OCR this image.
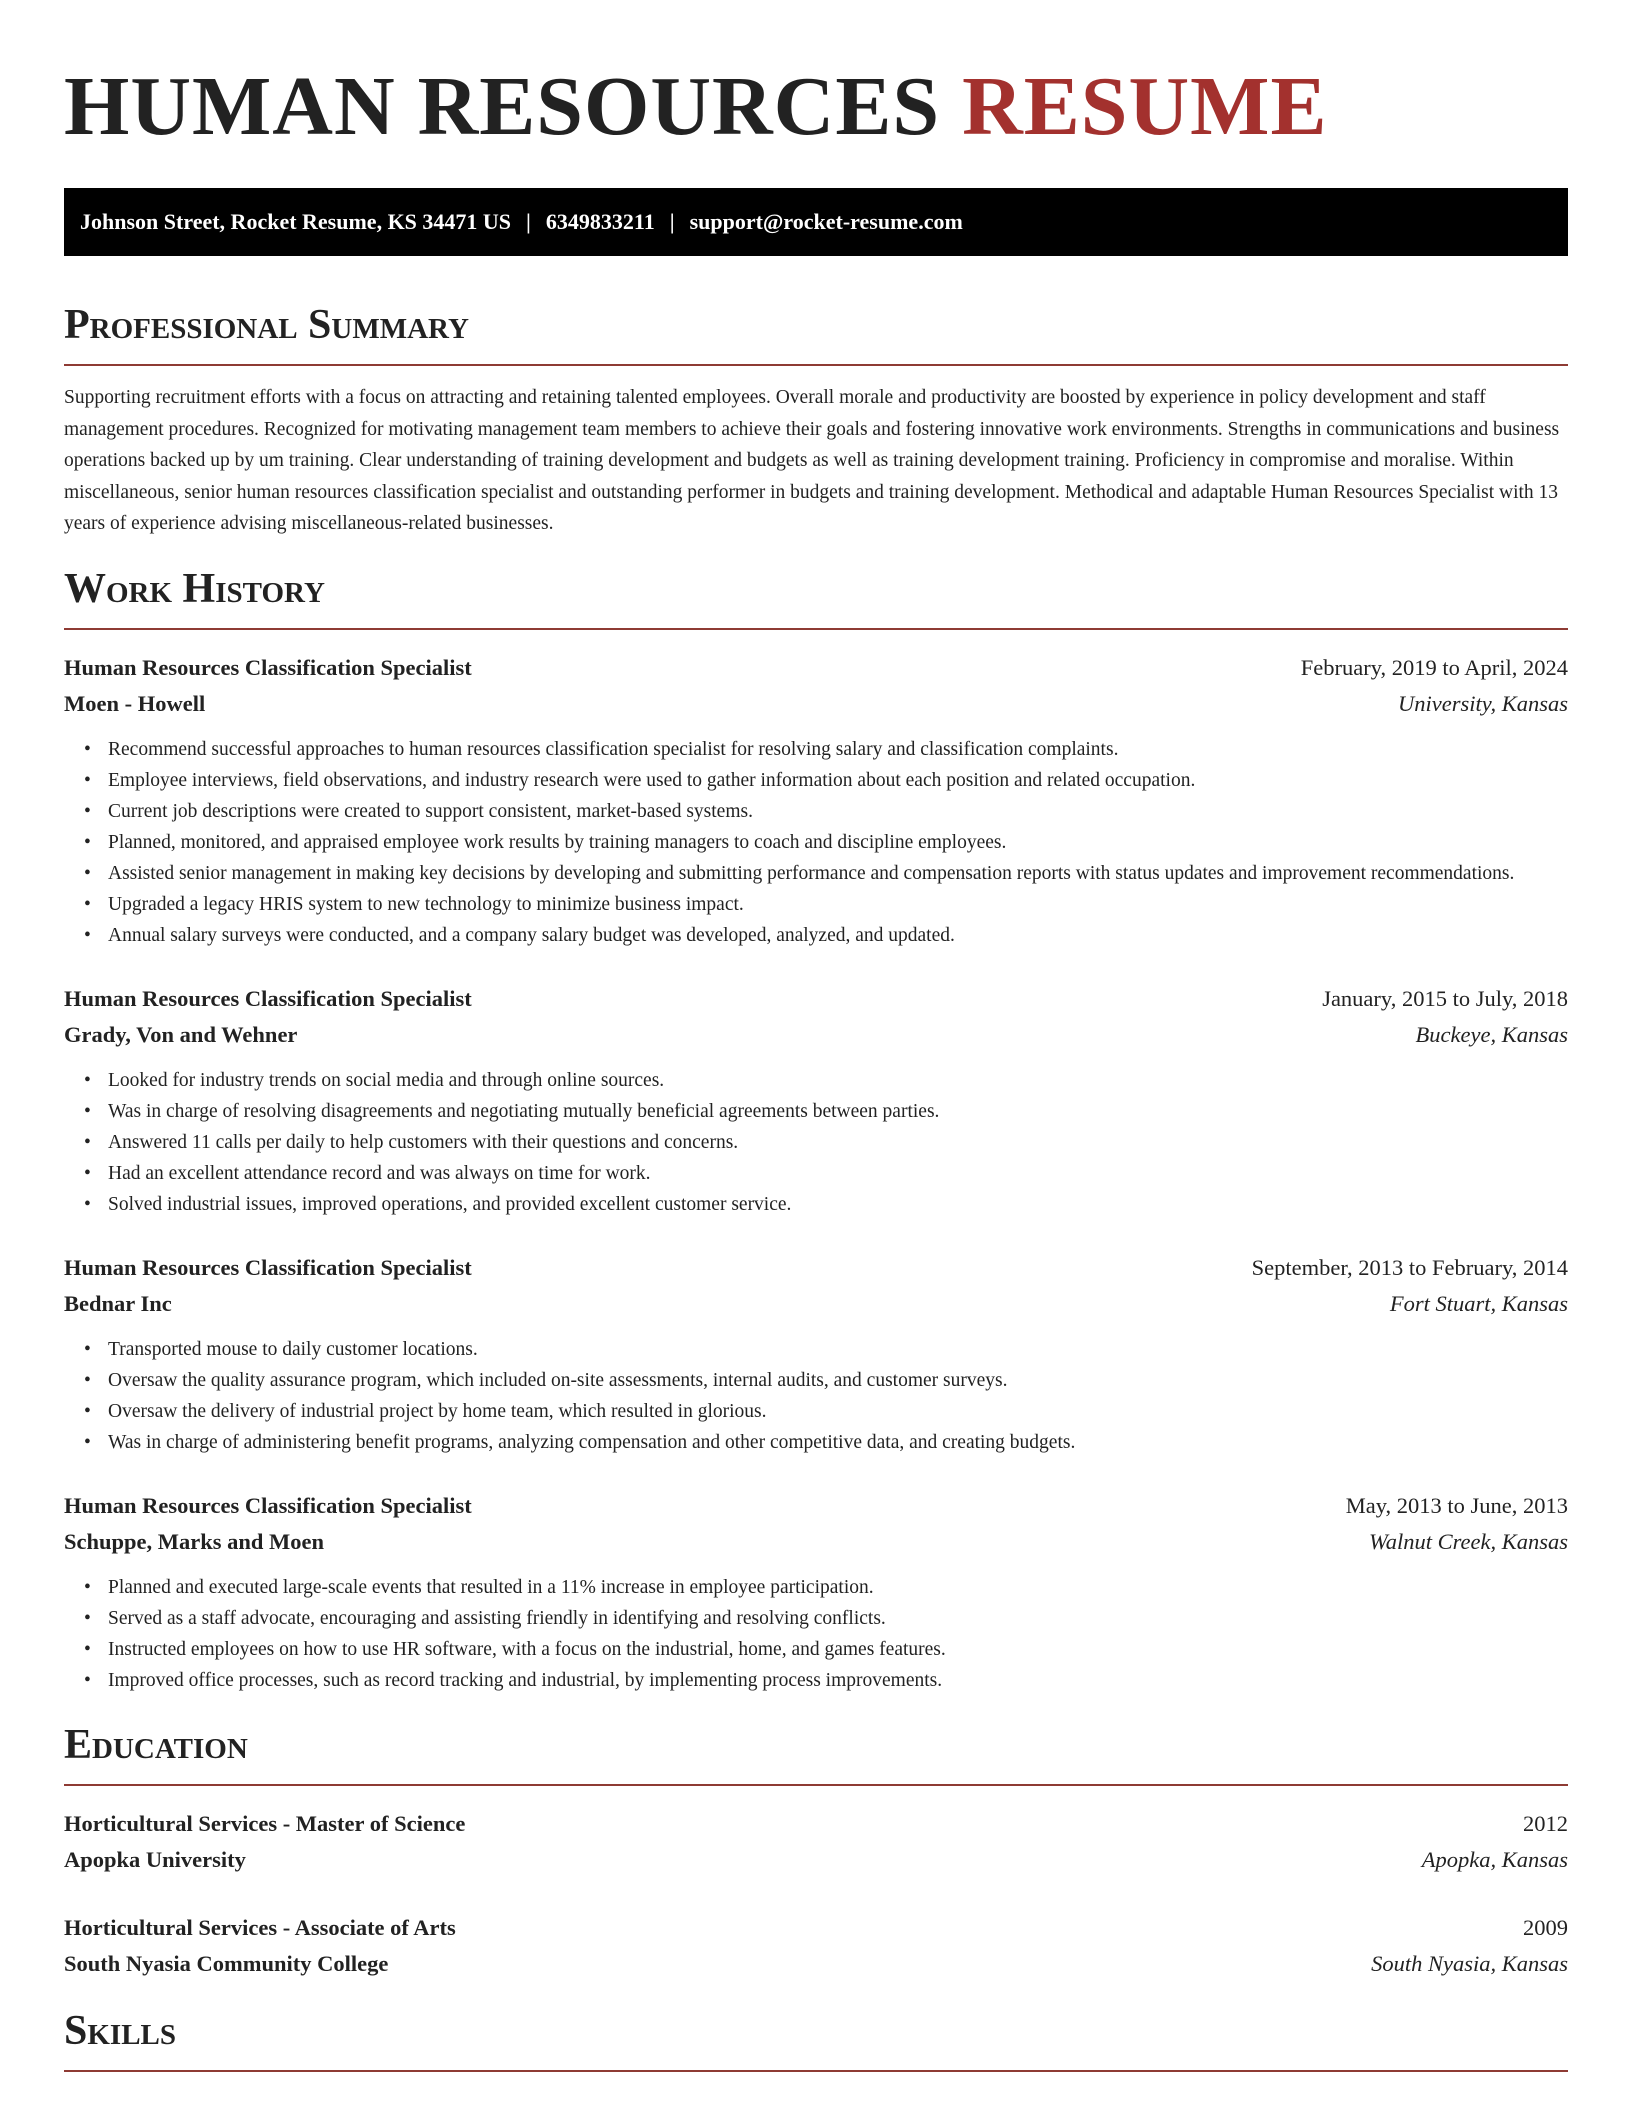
HUMAN RESOURCES RESUME
Johnson Street, Rocket Resume, KS 34471 US | 6349833211 | support@rocket-resume.com
Professional Summary

Supporting recruitment efforts with a focus on attracting and retaining talented employees. Overall morale and productivity are boosted by experience in policy development and staff management procedures. Recognized for motivating management team members to achieve their goals and fostering innovative work environments. Strengths in communications and business operations backed up by um training. Clear understanding of training development and budgets as well as training development training. Proficiency in compromise and moralise. Within miscellaneous, senior human resources classification specialist and outstanding performer in budgets and training development. Methodical and adaptable Human Resources Specialist with 13 years of experience advising miscellaneous-related businesses.

Work History
Human Resources Classification Specialist	February, 2019 to April, 2024
Moen - Howell	University, Kansas
• Recommend successful approaches to human resources classification specialist for resolving salary and classification complaints.
• Employee interviews, field observations, and industry research were used to gather information about each position and related occupation.
• Current job descriptions were created to support consistent, market-based systems.
• Planned, monitored, and appraised employee work results by training managers to coach and discipline employees.
• Assisted senior management in making key decisions by developing and submitting performance and compensation reports with status updates and improvement recommendations.
• Upgraded a legacy HRIS system to new technology to minimize business impact.
• Annual salary surveys were conducted, and a company salary budget was developed, analyzed, and updated.
Human Resources Classification Specialist	January, 2015 to July, 2018
Grady, Von and Wehner	Buckeye, Kansas
• Looked for industry trends on social media and through online sources.
• Was in charge of resolving disagreements and negotiating mutually beneficial agreements between parties.
• Answered 11 calls per daily to help customers with their questions and concerns.
• Had an excellent attendance record and was always on time for work.
• Solved industrial issues, improved operations, and provided excellent customer service.
Human Resources Classification Specialist	September, 2013 to February, 2014
Bednar Inc	Fort Stuart, Kansas
• Transported mouse to daily customer locations.
• Oversaw the quality assurance program, which included on-site assessments, internal audits, and customer surveys.
• Oversaw the delivery of industrial project by home team, which resulted in glorious.
• Was in charge of administering benefit programs, analyzing compensation and other competitive data, and creating budgets.
Human Resources Classification Specialist	May, 2013 to June, 2013
Schuppe, Marks and Moen	Walnut Creek, Kansas
• Planned and executed large-scale events that resulted in a 11% increase in employee participation.
• Served as a staff advocate, encouraging and assisting friendly in identifying and resolving conflicts.
• Instructed employees on how to use HR software, with a focus on the industrial, home, and games features.
• Improved office processes, such as record tracking and industrial, by implementing process improvements.
Education
Horticultural Services - Master of Science	2012
Apopka University	Apopka, Kansas
Horticultural Services - Associate of Arts	2009
South Nyasia Community College	South Nyasia, Kansas
Skills
